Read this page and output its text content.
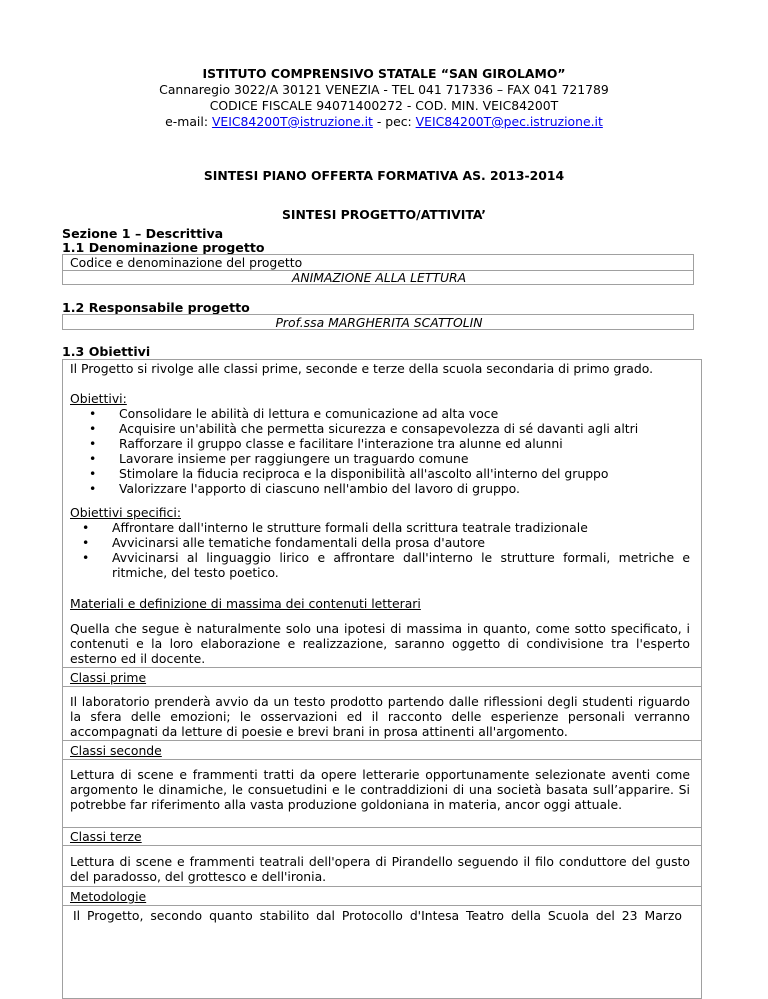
ISTITUTO COMPRENSIVO STATALE “SAN GIROLAMO”
Cannaregio 3022/A 30121 VENEZIA - TEL 041 717336 – FAX 041 721789
CODICE FISCALE 94071400272 - COD. MIN. VEIC84200T
e-mail: VEIC84200T@istruzione.it - pec: VEIC84200T@pec.istruzione.it
SINTESI PIANO OFFERTA FORMATIVA AS. 2013-2014
SINTESI PROGETTO/ATTIVITA’
Sezione 1 – Descrittiva
1.1 Denominazione progetto
Codice e denominazione del progetto
ANIMAZIONE ALLA LETTURA
1.2 Responsabile progetto
Prof.ssa MARGHERITA SCATTOLIN
1.3 Obiettivi
Il Progetto si rivolge alle classi prime, seconde e terze della scuola secondaria di primo grado.
Obiettivi:
• Consolidare le abilità di lettura e comunicazione ad alta voce
• Acquisire un'abilità che permetta sicurezza e consapevolezza di sé davanti agli altri
• Rafforzare il gruppo classe e facilitare l'interazione tra alunne ed alunni
• Lavorare insieme per raggiungere un traguardo comune
• Stimolare la fiducia reciproca e la disponibilità all'ascolto all'interno del gruppo
• Valorizzare l'apporto di ciascuno nell'ambio del lavoro di gruppo.
Obiettivi specifici:
• Affrontare dall'interno le strutture formali della scrittura teatrale tradizionale
• Avvicinarsi alle tematiche fondamentali della prosa d'autore
• Avvicinarsi al linguaggio lirico e affrontare dall'interno le strutture formali, metriche e ritmiche, del testo poetico.
Materiali e definizione di massima dei contenuti letterari
Quella che segue è naturalmente solo una ipotesi di massima in quanto, come sotto specificato, i contenuti e la loro elaborazione e realizzazione, saranno oggetto di condivisione tra l'esperto esterno ed il docente.
Classi prime
Il laboratorio prenderà avvio da un testo prodotto partendo dalle riflessioni degli studenti riguardo la sfera delle emozioni; le osservazioni ed il racconto delle esperienze personali verranno accompagnati da letture di poesie e brevi brani in prosa attinenti all'argomento.
Classi seconde
Lettura di scene e frammenti tratti da opere letterarie opportunamente selezionate aventi come argomento le dinamiche, le consuetudini e le contraddizioni di una società basata sull’apparire. Si potrebbe far riferimento alla vasta produzione goldoniana in materia, ancor oggi attuale.
Classi terze
Lettura di scene e frammenti teatrali dell'opera di Pirandello seguendo il filo conduttore del gusto del paradosso, del grottesco e dell'ironia.
Metodologie
Il Progetto, secondo quanto stabilito dal Protocollo d'Intesa Teatro della Scuola del 23 Marzo
